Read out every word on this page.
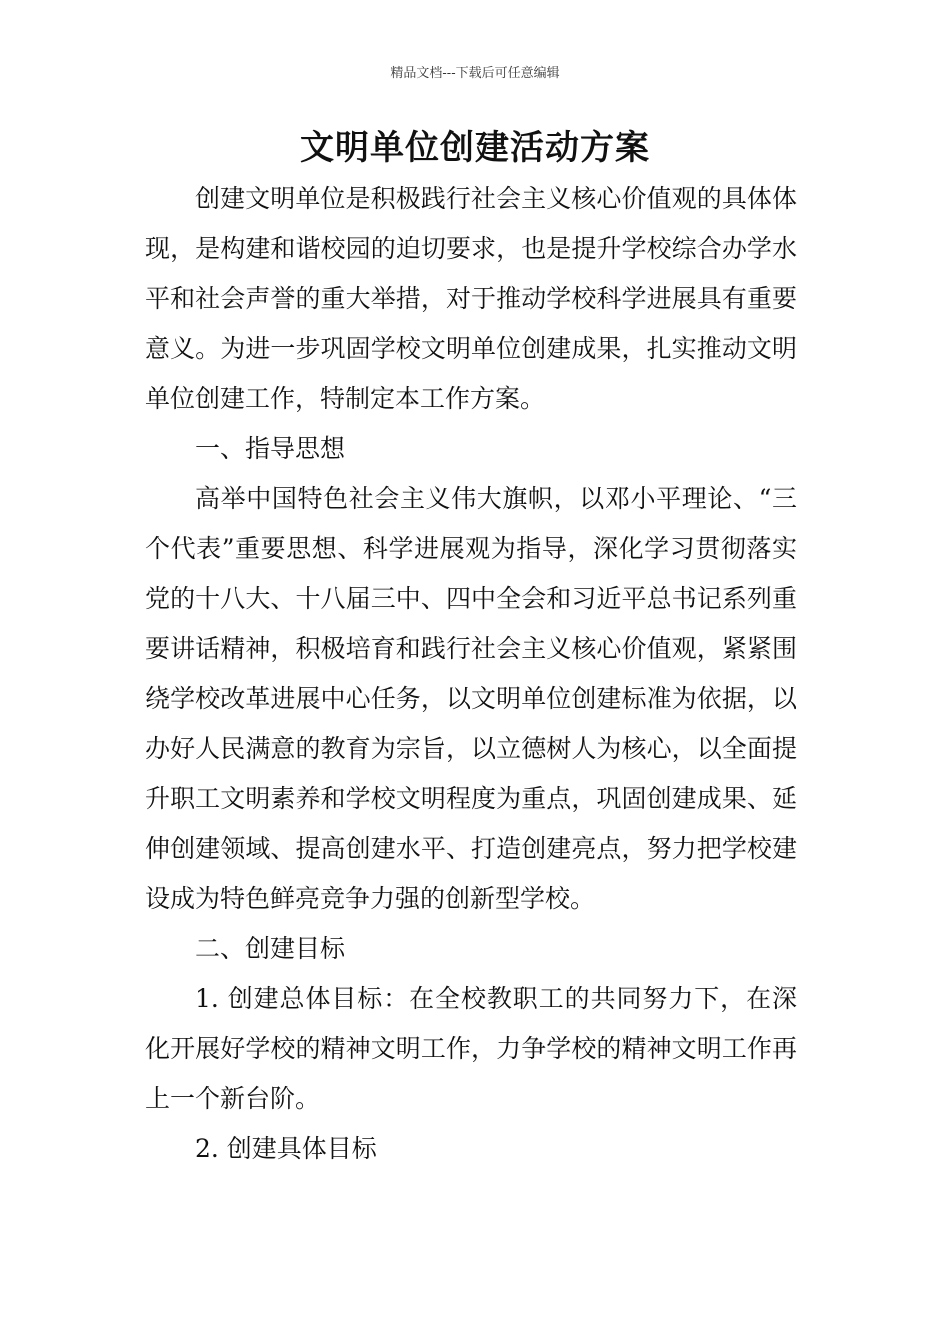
精品文档---下载后可任意编辑
文明单位创建活动方案

创建文明单位是积极践行社会主义核心价值观的具体体现，是构建和谐校园的迫切要求，也是提升学校综合办学水平和社会声誉的重大举措，对于推动学校科学进展具有重要意义。为进一步巩固学校文明单位创建成果，扎实推动文明单位创建工作，特制定本工作方案。

一、指导思想

高举中国特色社会主义伟大旗帜，以邓小平理论、“三个代表”重要思想、科学进展观为指导，深化学习贯彻落实党的十八大、十八届三中、四中全会和习近平总书记系列重要讲话精神，积极培育和践行社会主义核心价值观，紧紧围绕学校改革进展中心任务，以文明单位创建标准为依据，以办好人民满意的教育为宗旨，以立德树人为核心，以全面提升职工文明素养和学校文明程度为重点，巩固创建成果、延伸创建领域、提高创建水平、打造创建亮点，努力把学校建设成为特色鲜亮竞争力强的创新型学校。

二、创建目标

1. 创建总体目标：在全校教职工的共同努力下，在深化开展好学校的精神文明工作，力争学校的精神文明工作再上一个新台阶。

2. 创建具体目标
